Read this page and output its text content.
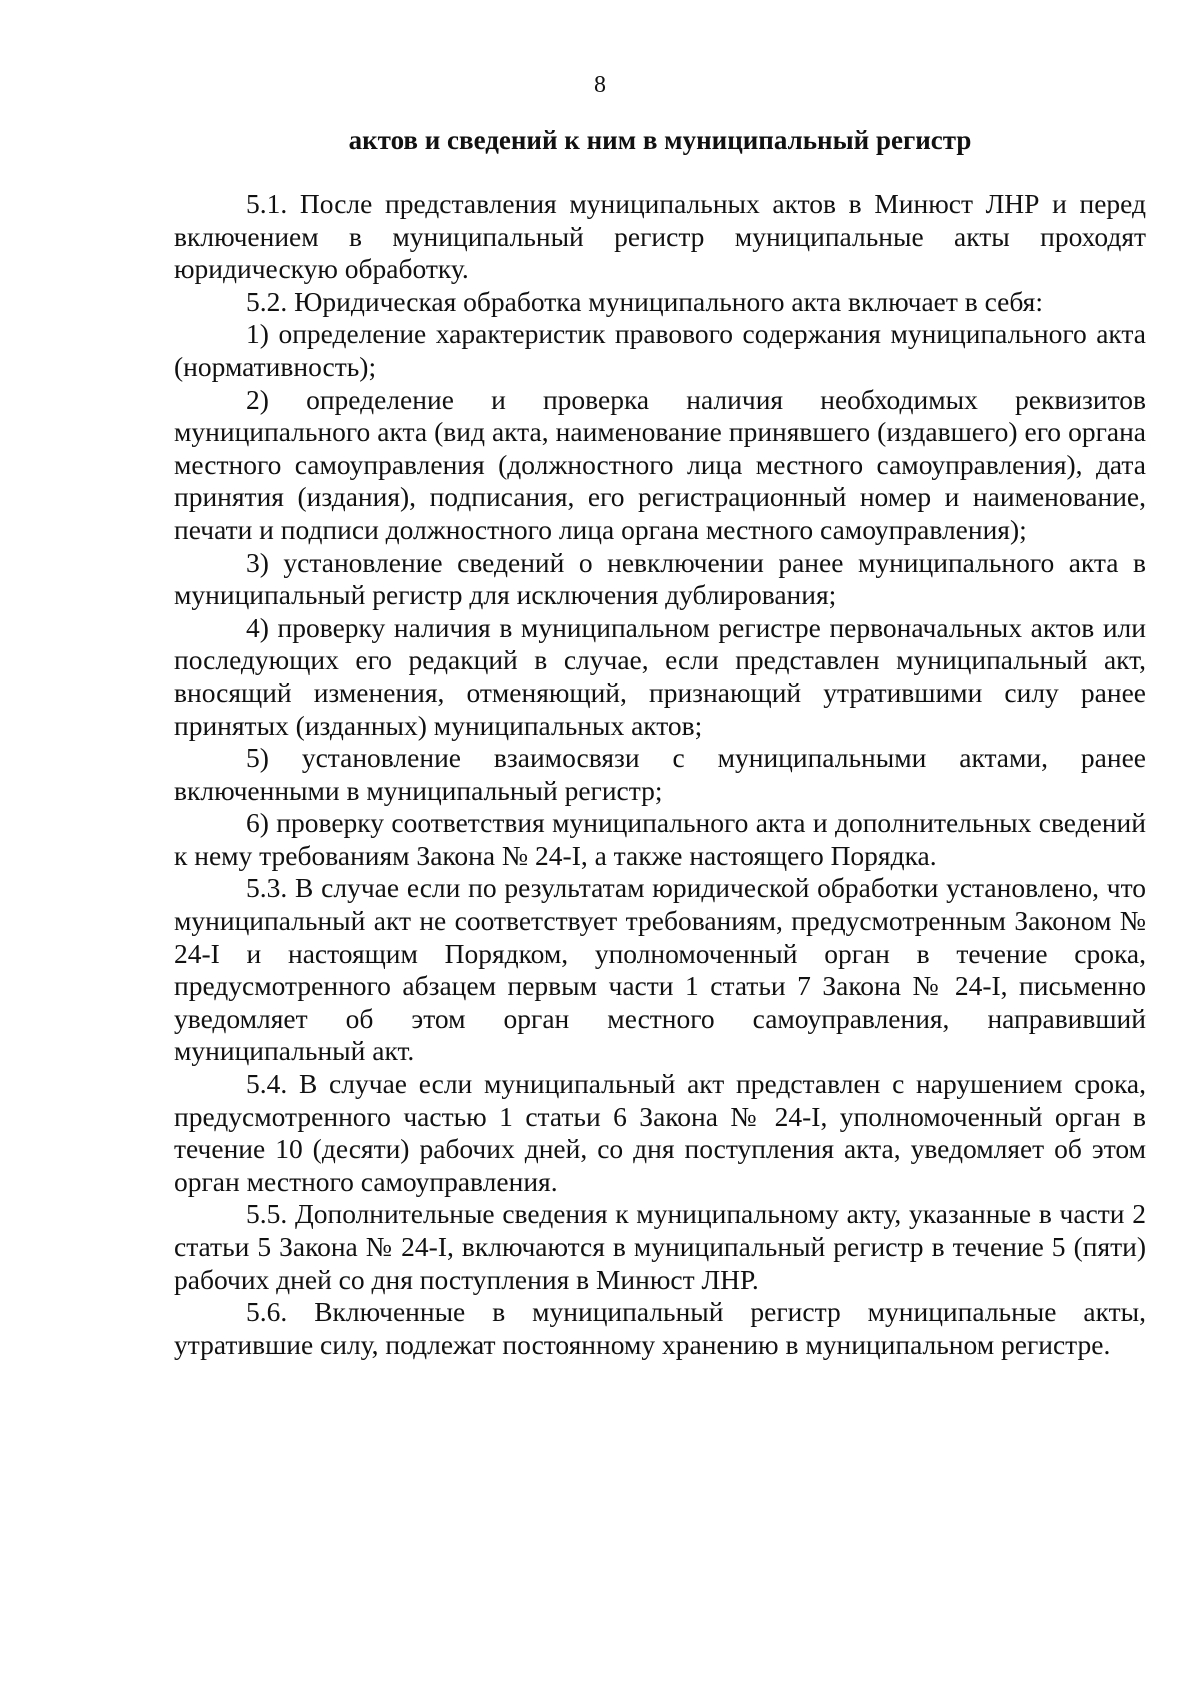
8
актов и сведений к ним в муниципальный регистр

5.1. После представления муниципальных актов в Минюст ЛНР и перед включением в муниципальный регистр муниципальные акты проходят юридическую обработку.

5.2. Юридическая обработка муниципального акта включает в себя:

1) определение характеристик правового содержания муниципального акта (нормативность);

2) определение и проверка наличия необходимых реквизитов муниципального акта (вид акта, наименование принявшего (издавшего) его органа местного самоуправления (должностного лица местного самоуправления), дата принятия (издания), подписания, его регистрационный номер и наименование, печати и подписи должностного лица органа местного самоуправления);

3) установление сведений о невключении ранее муниципального акта в муниципальный регистр для исключения дублирования;

4) проверку наличия в муниципальном регистре первоначальных актов или последующих его редакций в случае, если представлен муниципальный акт, вносящий изменения, отменяющий, признающий утратившими силу ранее принятых (изданных) муниципальных актов;

5) установление взаимосвязи с муниципальными актами, ранее включенными в муниципальный регистр;

6) проверку соответствия муниципального акта и дополнительных сведений к нему требованиям Закона № 24-I, а также настоящего Порядка.

5.3. В случае если по результатам юридической обработки установлено, что муниципальный акт не соответствует требованиям, предусмотренным Законом № 24-I и настоящим Порядком, уполномоченный орган в течение срока, предусмотренного абзацем первым части 1 статьи 7 Закона № 24-I, письменно уведомляет об этом орган местного самоуправления, направивший муниципальный акт.

5.4. В случае если муниципальный акт представлен с нарушением срока, предусмотренного частью 1 статьи 6 Закона № 24-I, уполномоченный орган в течение 10 (десяти) рабочих дней, со дня поступления акта, уведомляет об этом орган местного самоуправления.

5.5. Дополнительные сведения к муниципальному акту, указанные в части 2 статьи 5 Закона № 24-I, включаются в муниципальный регистр в течение 5 (пяти) рабочих дней со дня поступления в Минюст ЛНР.

5.6. Включенные в муниципальный регистр муниципальные акты, утратившие силу, подлежат постоянному хранению в муниципальном регистре.
